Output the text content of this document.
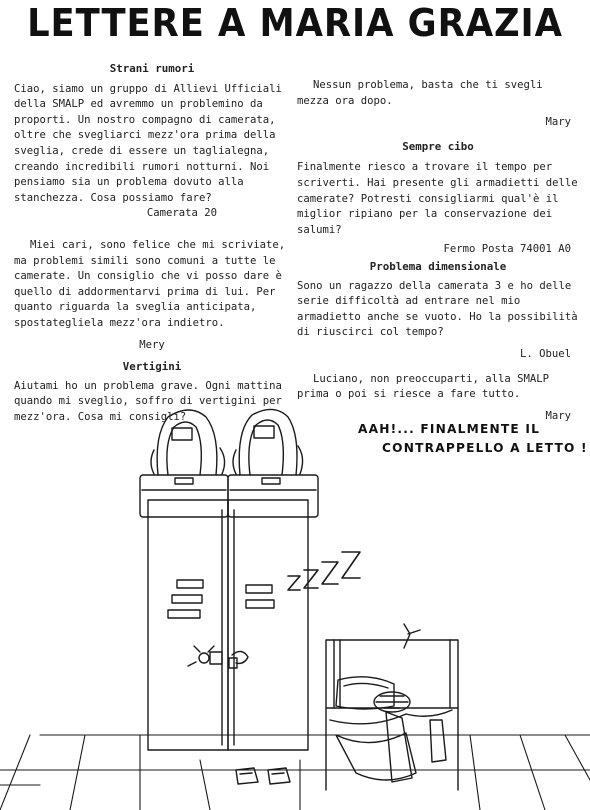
LETTERE A MARIA GRAZIA
Strani rumori

Ciao, siamo un gruppo di Allievi Ufficiali della SMALP ed avremmo un problemino da proporti. Un nostro compagno di camerata, oltre che svegliarci mezz'ora prima della sveglia, crede di essere un taglialegna, creando incredibili rumori notturni. Noi pensiamo sia un problema dovuto alla stanchezza. Cosa possiamo fare?

Camerata 20

Miei cari, sono felice che mi scriviate, ma problemi simili sono comuni a tutte le camerate. Un consiglio che vi posso dare è quello di addormentarvi prima di lui. Per quanto riguarda la sveglia anticipata, spostategliela mezz'ora indietro.

Mery

Vertigini

Aiutami ho un problema grave. Ogni mattina quando mi sveglio, soffro di vertigini per mezz'ora. Cosa mi consigli?

Nessun problema, basta che ti svegli mezza ora dopo.

Mary

Sempre cibo

Finalmente riesco a trovare il tempo per scriverti. Hai presente gli armadietti delle camerate? Potresti consigliarmi qual'è il miglior ripiano per la conservazione dei salumi?

Fermo Posta 74001 A0

Problema dimensionale

Sono un ragazzo della camerata 3 e ho delle serie difficoltà ad entrare nel mio armadietto anche se vuoto. Ho la possibilità di riuscirci col tempo?

L. Obuel

Luciano, non preoccuparti, alla SMALP prima o poi si riesce a fare tutto.

Mary

AAH!... FINALMENTE IL

CONTRAPPELLO A LETTO !
